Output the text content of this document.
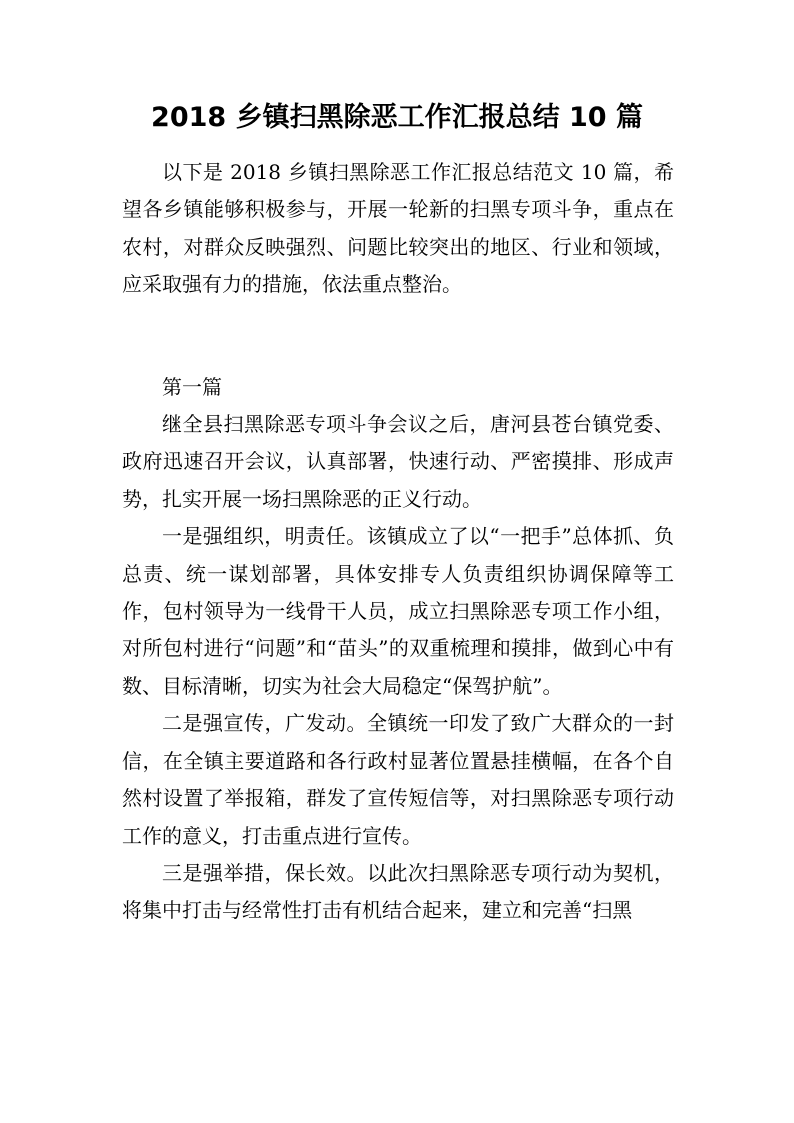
2018 乡镇扫黑除恶工作汇报总结 10 篇

以下是 2018 乡镇扫黑除恶工作汇报总结范文 10 篇，希望各乡镇能够积极参与，开展一轮新的扫黑专项斗争，重点在农村，对群众反映强烈、问题比较突出的地区、行业和领域，应采取强有力的措施，依法重点整治。

第一篇

继全县扫黑除恶专项斗争会议之后，唐河县苍台镇党委、政府迅速召开会议，认真部署，快速行动、严密摸排、形成声势，扎实开展一场扫黑除恶的正义行动。

一是强组织，明责任。该镇成立了以“一把手”总体抓、负总责、统一谋划部署，具体安排专人负责组织协调保障等工作，包村领导为一线骨干人员，成立扫黑除恶专项工作小组，对所包村进行“问题”和“苗头”的双重梳理和摸排，做到心中有数、目标清晰，切实为社会大局稳定“保驾护航”。

二是强宣传，广发动。全镇统一印发了致广大群众的一封信，在全镇主要道路和各行政村显著位置悬挂横幅，在各个自然村设置了举报箱，群发了宣传短信等，对扫黑除恶专项行动工作的意义，打击重点进行宣传。

三是强举措，保长效。以此次扫黑除恶专项行动为契机，将集中打击与经常性打击有机结合起来，建立和完善“扫黑
